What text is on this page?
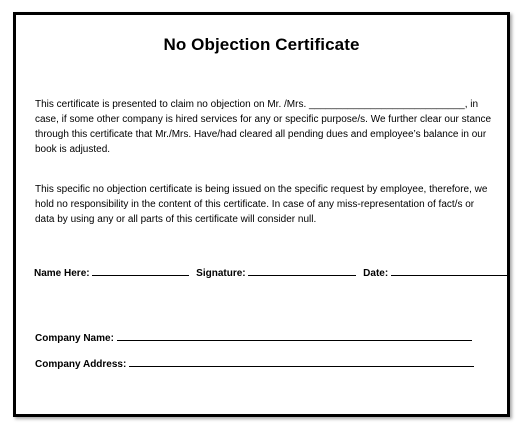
No Objection Certificate

This certificate is presented to claim no objection on Mr. /Mrs. ____________________________, in case, if some other company is hired services for any or specific purpose/s. We further clear our stance through this certificate that Mr./Mrs. Have/had cleared all pending dues and employee’s balance in our book is adjusted.

This specific no objection certificate is being issued on the specific request by employee, therefore, we hold no responsibility in the content of this certificate. In case of any miss-representation of fact/s or data by using any or all parts of this certificate will consider null.

Name Here:	Signature:	Date:
Company Name:
Company Address:
